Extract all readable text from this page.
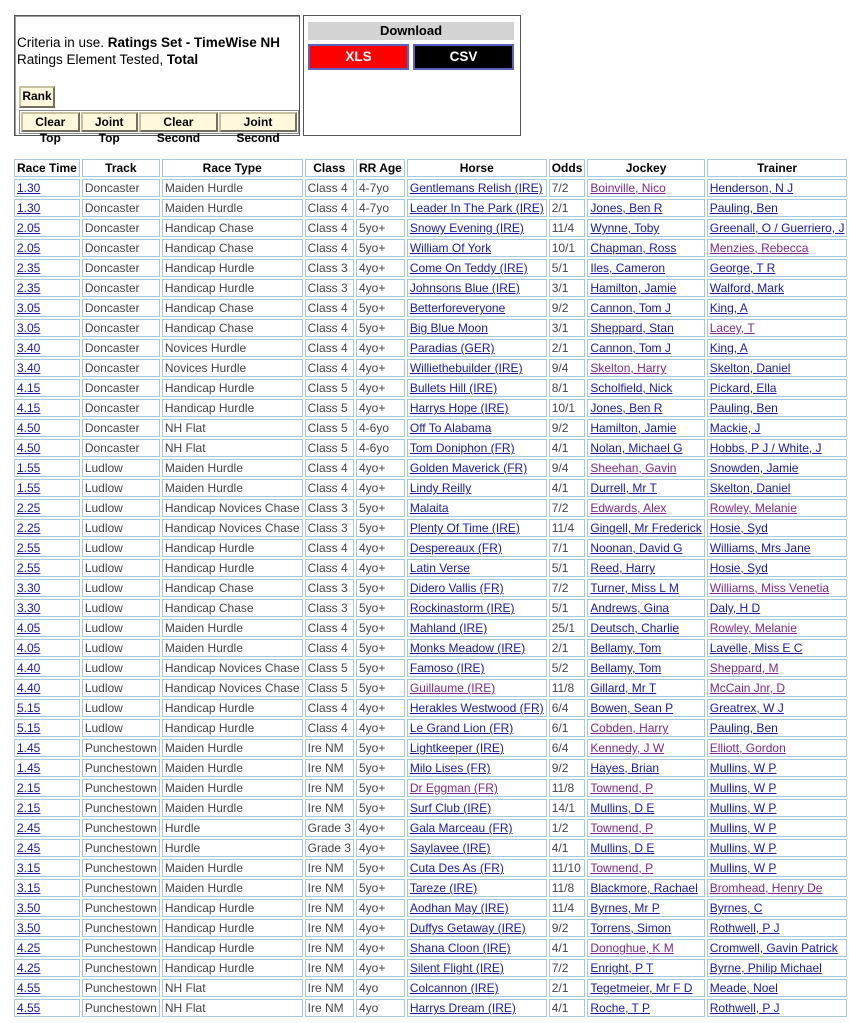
Criteria in use. Ratings Set - TimeWise NH
Ratings Element Tested, Total
Rank
Clear Top
Joint Top
Clear Second
Joint Second
Download
XLS	CSV
Race Time	Track	Race Type	Class	RR Age	Horse	Odds	Jockey	Trainer
1.30	Doncaster	Maiden Hurdle	Class 4	4-7yo	Gentlemans Relish (IRE)	7/2	Boinville, Nico	Henderson, N J
1.30	Doncaster	Maiden Hurdle	Class 4	4-7yo	Leader In The Park (IRE)	2/1	Jones, Ben R	Pauling, Ben
2.05	Doncaster	Handicap Chase	Class 4	5yo+	Snowy Evening (IRE)	11/4	Wynne, Toby	Greenall, O / Guerriero, J
2.05	Doncaster	Handicap Chase	Class 4	5yo+	William Of York	10/1	Chapman, Ross	Menzies, Rebecca
2.35	Doncaster	Handicap Hurdle	Class 3	4yo+	Come On Teddy (IRE)	5/1	Iles, Cameron	George, T R
2.35	Doncaster	Handicap Hurdle	Class 3	4yo+	Johnsons Blue (IRE)	3/1	Hamilton, Jamie	Walford, Mark
3.05	Doncaster	Handicap Chase	Class 4	5yo+	Betterforeveryone	9/2	Cannon, Tom J	King, A
3.05	Doncaster	Handicap Chase	Class 4	5yo+	Big Blue Moon	3/1	Sheppard, Stan	Lacey, T
3.40	Doncaster	Novices Hurdle	Class 4	4yo+	Paradias (GER)	2/1	Cannon, Tom J	King, A
3.40	Doncaster	Novices Hurdle	Class 4	4yo+	Williethebuilder (IRE)	9/4	Skelton, Harry	Skelton, Daniel
4.15	Doncaster	Handicap Hurdle	Class 5	4yo+	Bullets Hill (IRE)	8/1	Scholfield, Nick	Pickard, Ella
4.15	Doncaster	Handicap Hurdle	Class 5	4yo+	Harrys Hope (IRE)	10/1	Jones, Ben R	Pauling, Ben
4.50	Doncaster	NH Flat	Class 5	4-6yo	Off To Alabama	9/2	Hamilton, Jamie	Mackie, J
4.50	Doncaster	NH Flat	Class 5	4-6yo	Tom Doniphon (FR)	4/1	Nolan, Michael G	Hobbs, P J / White, J
1.55	Ludlow	Maiden Hurdle	Class 4	4yo+	Golden Maverick (FR)	9/4	Sheehan, Gavin	Snowden, Jamie
1.55	Ludlow	Maiden Hurdle	Class 4	4yo+	Lindy Reilly	4/1	Durrell, Mr T	Skelton, Daniel
2.25	Ludlow	Handicap Novices Chase	Class 3	5yo+	Malaita	7/2	Edwards, Alex	Rowley, Melanie
2.25	Ludlow	Handicap Novices Chase	Class 3	5yo+	Plenty Of Time (IRE)	11/4	Gingell, Mr Frederick	Hosie, Syd
2.55	Ludlow	Handicap Hurdle	Class 4	4yo+	Despereaux (FR)	7/1	Noonan, David G	Williams, Mrs Jane
2.55	Ludlow	Handicap Hurdle	Class 4	4yo+	Latin Verse	5/1	Reed, Harry	Hosie, Syd
3.30	Ludlow	Handicap Chase	Class 3	5yo+	Didero Vallis (FR)	7/2	Turner, Miss L M	Williams, Miss Venetia
3.30	Ludlow	Handicap Chase	Class 3	5yo+	Rockinastorm (IRE)	5/1	Andrews, Gina	Daly, H D
4.05	Ludlow	Maiden Hurdle	Class 4	5yo+	Mahland (IRE)	25/1	Deutsch, Charlie	Rowley, Melanie
4.05	Ludlow	Maiden Hurdle	Class 4	5yo+	Monks Meadow (IRE)	2/1	Bellamy, Tom	Lavelle, Miss E C
4.40	Ludlow	Handicap Novices Chase	Class 5	5yo+	Famoso (IRE)	5/2	Bellamy, Tom	Sheppard, M
4.40	Ludlow	Handicap Novices Chase	Class 5	5yo+	Guillaume (IRE)	11/8	Gillard, Mr T	McCain Jnr, D
5.15	Ludlow	Handicap Hurdle	Class 4	4yo+	Herakles Westwood (FR)	6/4	Bowen, Sean P	Greatrex, W J
5.15	Ludlow	Handicap Hurdle	Class 4	4yo+	Le Grand Lion (FR)	6/1	Cobden, Harry	Pauling, Ben
1.45	Punchestown	Maiden Hurdle	Ire NM	5yo+	Lightkeeper (IRE)	6/4	Kennedy, J W	Elliott, Gordon
1.45	Punchestown	Maiden Hurdle	Ire NM	5yo+	Milo Lises (FR)	9/2	Hayes, Brian	Mullins, W P
2.15	Punchestown	Maiden Hurdle	Ire NM	5yo+	Dr Eggman (FR)	11/8	Townend, P	Mullins, W P
2.15	Punchestown	Maiden Hurdle	Ire NM	5yo+	Surf Club (IRE)	14/1	Mullins, D E	Mullins, W P
2.45	Punchestown	Hurdle	Grade 3	4yo+	Gala Marceau (FR)	1/2	Townend, P	Mullins, W P
2.45	Punchestown	Hurdle	Grade 3	4yo+	Saylavee (IRE)	4/1	Mullins, D E	Mullins, W P
3.15	Punchestown	Maiden Hurdle	Ire NM	5yo+	Cuta Des As (FR)	11/10	Townend, P	Mullins, W P
3.15	Punchestown	Maiden Hurdle	Ire NM	5yo+	Tareze (IRE)	11/8	Blackmore, Rachael	Bromhead, Henry De
3.50	Punchestown	Handicap Hurdle	Ire NM	4yo+	Aodhan May (IRE)	11/4	Byrnes, Mr P	Byrnes, C
3.50	Punchestown	Handicap Hurdle	Ire NM	4yo+	Duffys Getaway (IRE)	9/2	Torrens, Simon	Rothwell, P J
4.25	Punchestown	Handicap Hurdle	Ire NM	4yo+	Shana Cloon (IRE)	4/1	Donoghue, K M	Cromwell, Gavin Patrick
4.25	Punchestown	Handicap Hurdle	Ire NM	4yo+	Silent Flight (IRE)	7/2	Enright, P T	Byrne, Philip Michael
4.55	Punchestown	NH Flat	Ire NM	4yo	Colcannon (IRE)	2/1	Tegetmeier, Mr F D	Meade, Noel
4.55	Punchestown	NH Flat	Ire NM	4yo	Harrys Dream (IRE)	4/1	Roche, T P	Rothwell, P J
